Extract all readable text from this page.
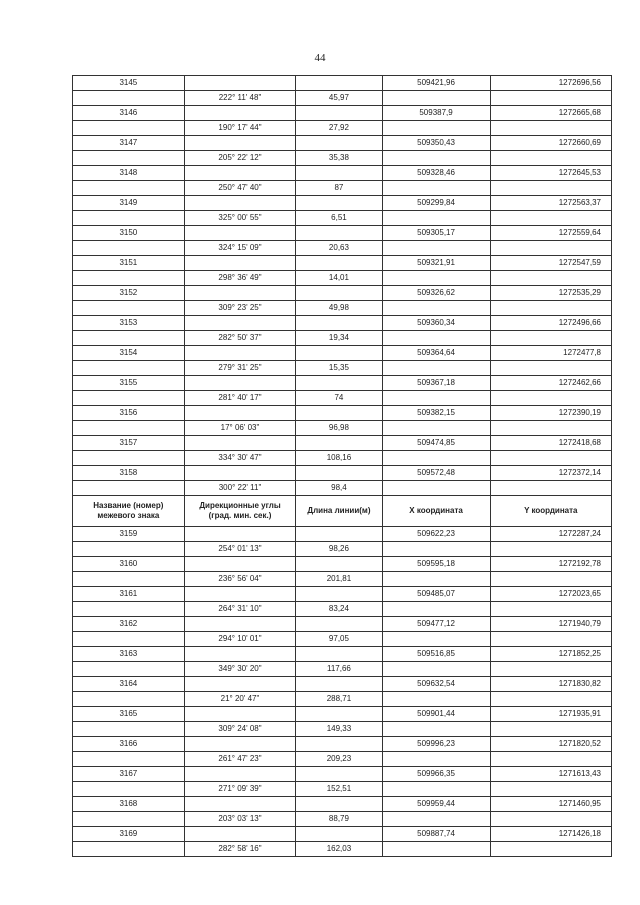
44
3145			509421,96	1272696,56
	222° 11' 48"	45,97		
3146			509387,9	1272665,68
	190° 17' 44"	27,92		
3147			509350,43	1272660,69
	205° 22' 12"	35,38		
3148			509328,46	1272645,53
	250° 47' 40"	87		
3149			509299,84	1272563,37
	325° 00' 55"	6,51		
3150			509305,17	1272559,64
	324° 15' 09"	20,63		
3151			509321,91	1272547,59
	298° 36' 49"	14,01		
3152			509326,62	1272535,29
	309° 23' 25"	49,98		
3153			509360,34	1272496,66
	282° 50' 37"	19,34		
3154			509364,64	1272477,8
	279° 31' 25"	15,35		
3155			509367,18	1272462,66
	281° 40' 17"	74		
3156			509382,15	1272390,19
	17° 06' 03"	96,98		
3157			509474,85	1272418,68
	334° 30' 47"	108,16		
3158			509572,48	1272372,14
	300° 22' 11"	98,4		
Название (номер) межевого знака	Дирекционные углы (град. мин. сек.)	Длина линии(м)	X координата	Y координата
3159			509622,23	1272287,24
	254° 01' 13"	98,26		
3160			509595,18	1272192,78
	236° 56' 04"	201,81		
3161			509485,07	1272023,65
	264° 31' 10"	83,24		
3162			509477,12	1271940,79
	294° 10' 01"	97,05		
3163			509516,85	1271852,25
	349° 30' 20"	117,66		
3164			509632,54	1271830,82
	21° 20' 47"	288,71		
3165			509901,44	1271935,91
	309° 24' 08"	149,33		
3166			509996,23	1271820,52
	261° 47' 23"	209,23		
3167			509966,35	1271613,43
	271° 09' 39"	152,51		
3168			509959,44	1271460,95
	203° 03' 13"	88,79		
3169			509887,74	1271426,18
	282° 58' 16"	162,03		
